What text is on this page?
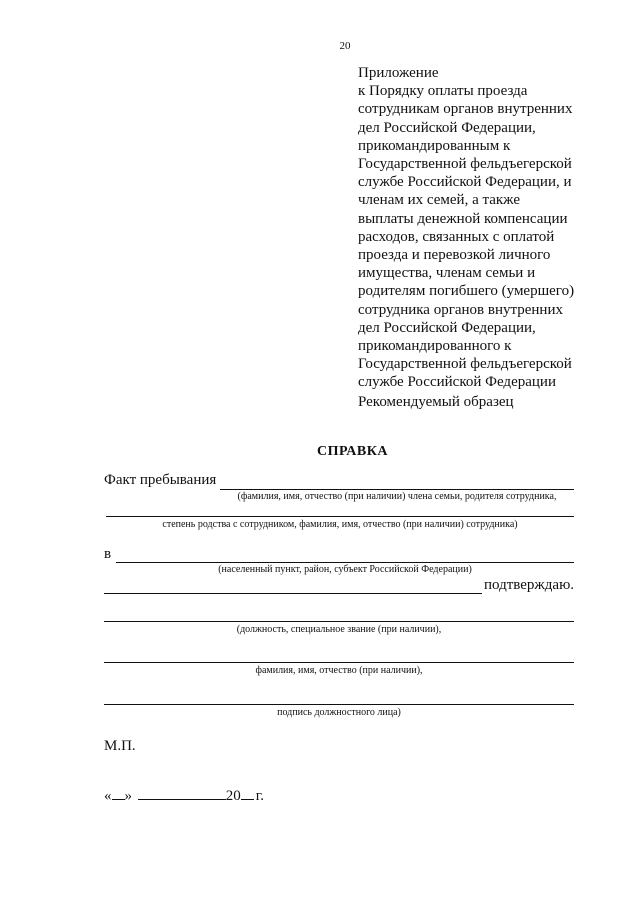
20
Приложение
к Порядку оплаты проезда
сотрудникам органов внутренних
дел Российской Федерации,
прикомандированным к
Государственной фельдъегерской
службе Российской Федерации, и
членам их семей, а также
выплаты денежной компенсации
расходов, связанных с оплатой
проезда и перевозкой личного
имущества, членам семьи и
родителям погибшего (умершего)
сотрудника органов внутренних
дел Российской Федерации,
прикомандированного к
Государственной фельдъегерской
службе Российской Федерации
Рекомендуемый образец
СПРАВКА
Факт пребывания
(фамилия, имя, отчество (при наличии) члена семьи, родителя сотрудника,
степень родства с сотрудником, фамилия, имя, отчество (при наличии) сотрудника)
в
(населенный пункт, район, субъект Российской Федерации)
подтверждаю.
(должность, специальное звание (при наличии),
фамилия, имя, отчество (при наличии),
подпись должностного лица)
М.П.
« »	20 г.
